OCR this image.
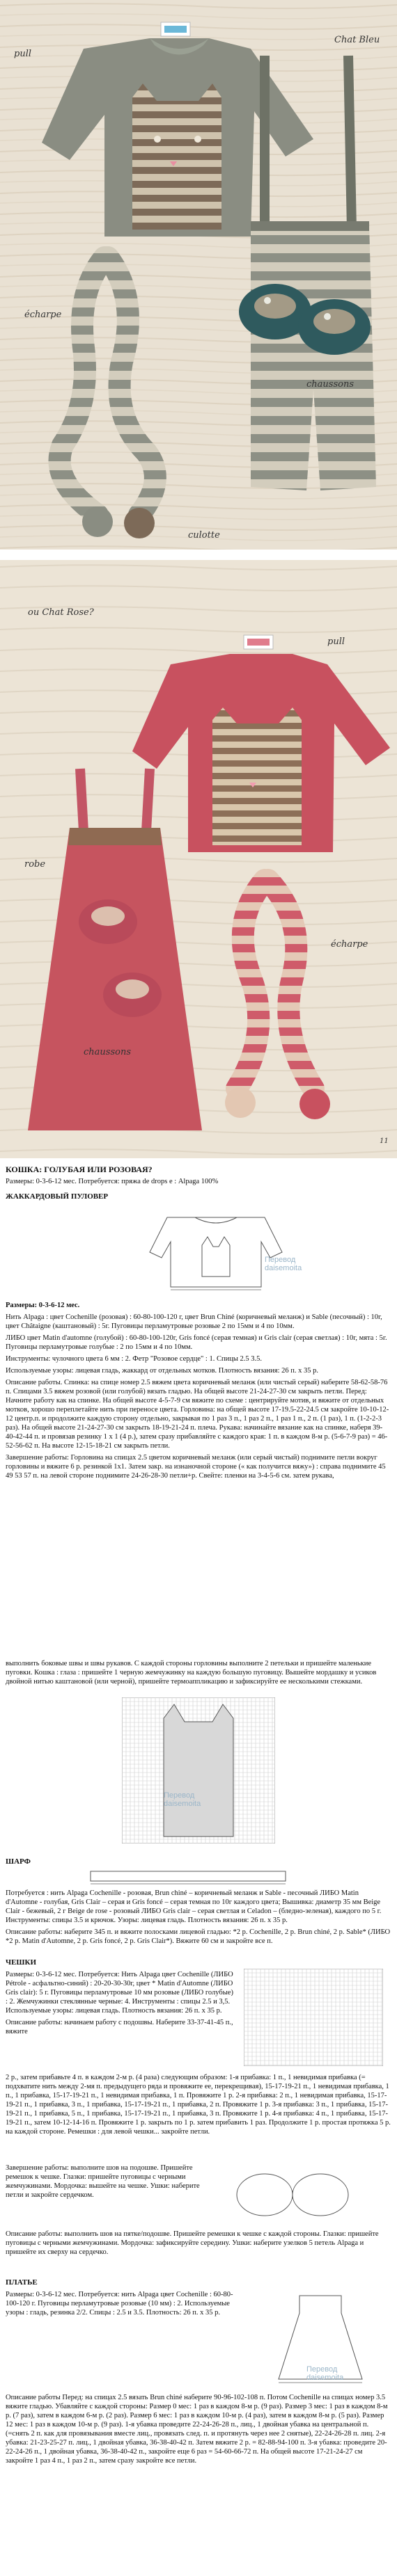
Chat Bleu
pull
écharpe
chaussons
culotte
ou Chat Rose?
pull
robe
écharpe
chaussons
11
КОШКА: ГОЛУБАЯ ИЛИ РОЗОВАЯ?
Размеры: 0-3-6-12 мес. Потребуется: пряжа de drops е : Alpaga 100%
ЖАККАРДОВЫЙ ПУЛОВЕР
Перевод
daisemoita

Размеры: 0-3-6-12 мес.

Нить Alpaga : цвет Cochenille (розовая) : 60-80-100-120 г, цвет Brun Chiné (коричневый меланж) и Sable (песочный) : 10г, цвет Châtaigne (каштановый) : 5г. Пуговицы перламутровые розовые 2 по 15мм и 4 по 10мм.

ЛИБО цвет Matin d'automne (голубой) : 60-80-100-120г, Gris foncé (серая темная) и Gris clair (серая светлая) : 10г, мята : 5г. Пуговицы перламутровые голубые : 2 по 15мм и 4 по 10мм.

Инструменты: чулочного цвета 6 мм : 2. Фетр "Розовое сердце" : 1. Спицы 2.5 3.5.

Используемые узоры: лицевая гладь, жаккард от отдельных мотков. Плотность вязания: 26 п. x 35 р.

Описание работы. Спинка: на спице номер 2.5 вяжем цвета коричневый меланж (или чистый серый) наберите 58-62-58-76 п. Спицами 3.5 вяжем розовой (или голубой) вязать гладью. На общей высоте 21-24-27-30 см закрыть петли. Перед: Начните работу как на спинке. На общей высоте 4-5-7-9 см вяжите по схеме : центрируйте мотив, и вяжите от отдельных мотков, хорошо переплетайте нить при переносе цвета. Горловина: на общей высоте 17-19.5-22-24.5 см закройте 10-10-12-12 центр.п. и продолжите каждую сторону отдельно, закрывая по 1 раз 3 п., 1 раз 2 п., 1 раз 1 п., 2 п. (1 раз), 1 п. (1-2-2-3 раз). На общей высоте 21-24-27-30 см закрыть 18-19-21-24 п. плеча. Рукава: начинайте вязание как на спинке, наберя 39-40-42-44 п. и провязав резинку 1 х 1 (4 р.), затем сразу прибавляйте с каждого края: 1 п. в каждом 8-м р. (5-6-7-9 раз) = 46-52-56-62 п. На высоте 12-15-18-21 см закрыть петли.

Завершение работы: Горловина на спицах 2.5 цветом коричневый меланж (или серый чистый) поднимите петли вокруг горловины и вяжите 6 р. резинкой 1х1. Затем закр. на изнаночной стороне (« как получится вяжу») : справа поднимите 45 49 53 57 п. на левой стороне поднимите 24-26-28-30 петли+р. Свейте: пленки на 3-4-5-6 см. затем рукава,

Перевод
daisemoita

выполнить боковые швы и швы рукавов. С каждой стороны горловины выполните 2 петельки и пришейте маленькие пуговки. Кошка : глаза : пришейте 1 черную жемчужинку на каждую большую пуговицу. Вышейте мордашку и усиков двойной нитью каштановой (или черной), пришейте термоаппликацию и зафиксируйте ее несколькими стежками.

ШАРФ

Потребуется : нить Alpaga Cochenille - розовая, Brun chiné – коричневый меланж и Sable - песочный ЛИБО Matin d'Automne - голубая, Gris Clair – серая и Gris foncé – серая темная по 10г каждого цвета; Вышивка: диаметр 35 мм Beige Clair - бежевый, 2 г Beige de rose - розовый ЛИБО Gris clair – серая светлая и Celadon – (бледно-зеленая), каждого по 5 г. Инструменты: спицы 3.5 и крючок. Узоры: лицевая гладь. Плотность вязания: 26 п. x 35 р.

Описание работы: наберите 345 п. и вяжите полосками лицевой гладью: *2 р. Cochenille, 2 р. Brun chiné, 2 р. Sable* (ЛИБО *2 р. Matin d'Automne, 2 p. Gris foncé, 2 p. Gris Clair*). Вяжите 60 см и закройте все п.

ЧЕШКИ

Размеры: 0-3-6-12 мес. Потребуется: Нить Alpaga цвет Cochenille (ЛИБО Pétrole - асфальтно-синий) : 20-20-30-30г, цвет * Matin d'Automne (ЛИБО Gris clair): 5 г. Пуговицы перламутровые 10 мм розовые (ЛИБО голубые) : 2. Жемчужинки стеклянные черные: 4. Инструменты : спицы 2.5 и 3,5. Используемые узоры: лицевая гладь. Плотность вязания: 26 п. x 35 р.

Описание работы: начинаем работу с подошвы. Наберите 33-37-41-45 п., вяжите

2 р., затем прибавьте 4 п. в каждом 2-м р. (4 раза) следующим образом: 1-я прибавка: 1 п., 1 невидимая прибавка (= подхватите нить между 2-мя п. предыдущего ряда и провяжите ее, перекрещивая), 15-17-19-21 п., 1 невидимая прибавка, 1 п., 1 прибавка, 15-17-19-21 п., 1 невидимая прибавка, 1 п. Провяжите 1 р. 2-я прибавка: 2 п., 1 невидимая прибавка, 15-17-19-21 п., 1 прибавка, 3 п., 1 прибавка, 15-17-19-21 п., 1 прибавка, 2 п. Провяжите 1 р. 3-я прибавка: 3 п., 1 прибавка, 15-17-19-21 п., 1 прибавка, 5 п., 1 прибавка, 15-17-19-21 п., 1 прибавка, 3 п. Провяжите 1 р. 4-я прибавка: 4 п., 1 прибавка, 15-17-19-21 п., затем 10-12-14-16 п. Провяжите 1 р. закрыть по 1 р. затем прибавить 1 раз. Продолжите 1 р. простая протяжка 5 р. на каждой стороне. Ремешки : для левой чешки... закройте петли.

Завершение работы: выполните шов на подошве. Пришейте ремешок к чешке. Глазки: пришейте пуговицы с черными жемчужинами. Мордочка: вышейте на чешке. Ушки: наберите петли и закройте сердечком.

Описание работы: выполнить шов на пятке/подошве. Пришейте ремешки к чешке с каждой стороны. Глазки: пришейте пуговицы с черными жемчужинами. Мордочка: зафиксируйте середину. Ушки: наберите узелков 5 петель Alpaga и пришейте их сверху на сердечко.

ПЛАТЬЕ

Размеры: 0-3-6-12 мес. Потребуется: нить Alpaga цвет Cochenille : 60-80-100-120 г. Пуговицы перламутровые розовые (10 мм) : 2. Используемые узоры : гладь, резинка 2/2. Спицы : 2.5 и 3.5. Плотность: 26 п. x 35 р.

Перевод
daisemoita

Описание работы Перед: на спицах 2.5 вязать Brun chiné наберите 90-96-102-108 п. Потом Cochenille на спицах номер 3.5 вяжите гладью. Убавляйте с каждой стороны: Размер 0 мес: 1 раз в каждом 8-м р. (9 раз). Размер 3 мес: 1 раз в каждом 8-м р. (7 раз), затем в каждом 6-м р. (2 раз). Размер 6 мес: 1 раз в каждом 10-м р. (4 раз), затем в каждом 8-м р. (5 раз). Размер 12 мес: 1 раз в каждом 10-м р. (9 раз). 1-я убавка проведите 22-24-26-28 п., лиц., 1 двойная убавка на центральной п. (=снять 2 п. как для провязывания вместе лиц., провязать след. п. и протянуть через нее 2 снятые), 22-24-26-28 п. лиц. 2-я убавка: 21-23-25-27 п. лиц., 1 двойная убавка, 36-38-40-42 п. Затем вяжите 2 р. = 82-88-94-100 п. 3-я убавка: проведите 20-22-24-26 п., 1 двойная убавка, 36-38-40-42 п., закройте еще 6 раз = 54-60-66-72 п. На общей высоте 17-21-24-27 см закройте 1 раз 4 п., 1 раз 2 п., затем сразу закройте все петли.
